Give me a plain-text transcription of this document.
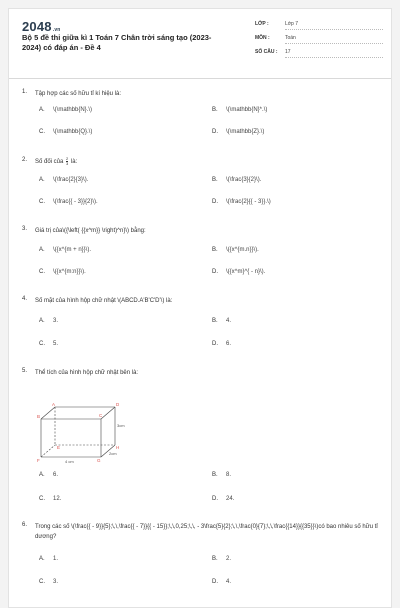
2048.vn
Bộ 5 đề thi giữa kì 1 Toán 7 Chân trời sáng tạo (2023-2024) có đáp án - Đề 4
LỚP :	Lớp 7
MÔN :	Toán
SỐ CÂU : 17
1. Tập hợp các số hữu tỉ kí hiệu là:
A. \(\mathbb{N}.\)	B. \(\mathbb{N}*.\)
C. \(\mathbb{Q}.\)	D. \(\mathbb{Z}.\)
2. Số đối của $\frac{2}{3}$ là:
A. \(\frac{2}{3}\).	B. \(\frac{3}{2}\).
C. \(\frac{{ - 3}}{2}\).	D. \(\frac{2}{{ - 3}}.\)
3. Giá trị của\({\left( {{x^m}} \right)^n}\) bằng:
A. \({x^{m + n}}\).	B. \({x^{m.n}}\).
C. \({x^{m:n}}\).	D. \({x^m}^{ - n}\).
4. Số mặt của hình hộp chữ nhật \(ABCD.A'B'C'D'\) là:
A. 3.	B. 4.
C. 5.	D. 6.
5. Thể tích của hình hộp chữ nhật bên là:
B
A
C
D
F
E
G
H
3cm
4 cm
2cm
A. 6.	B. 8.
C. 12.	D. 24.
6. Trong các số \(\frac{{ - 9}}{5};\,\,\frac{{ - 7}}{{ - 15}};\,\,0,25;\,\, - 3\frac{5}{2};\,\,\frac{0}{7};\,\,\frac{{14}}{{35}}\)có bao nhiêu số hữu tỉ dương?
A. 1.	B. 2.
C. 3.	D. 4.
